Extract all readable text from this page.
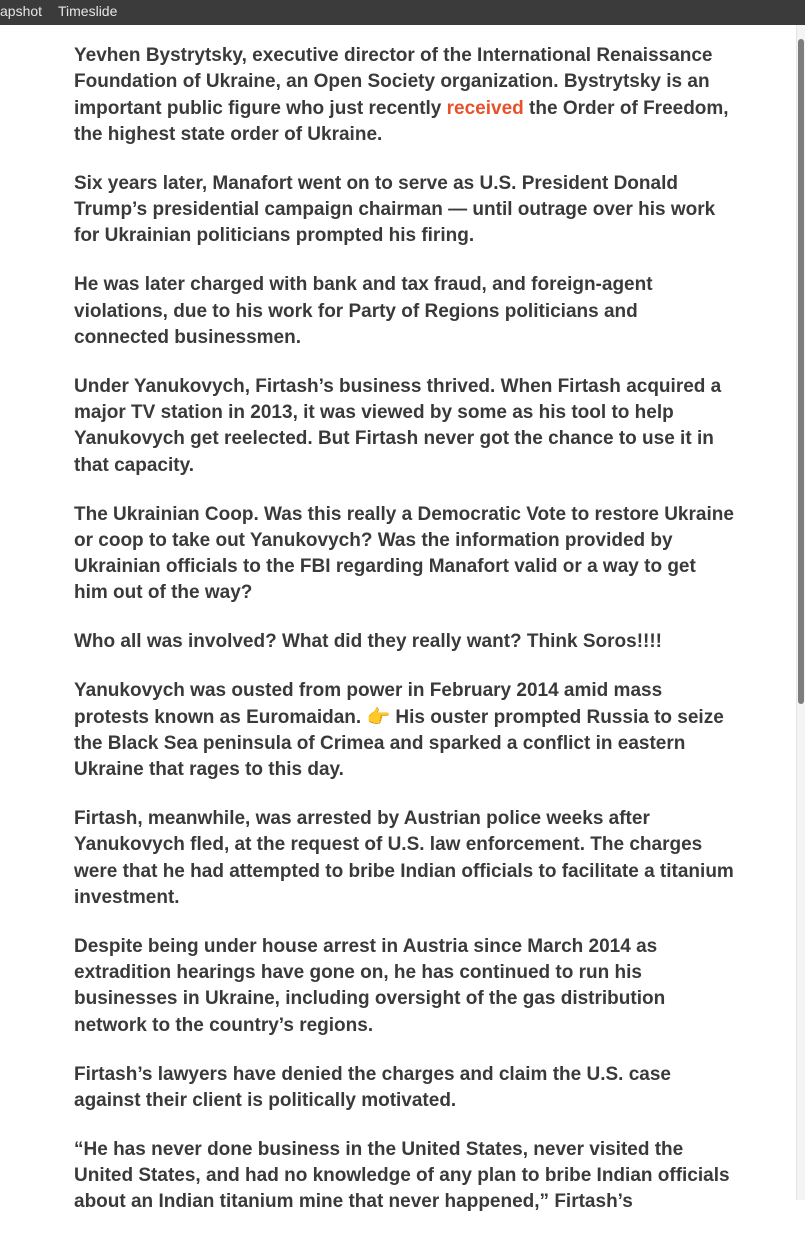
apshot Timeslide

Yevhen Bystrytsky, executive director of the International Renaissance Foundation of Ukraine, an Open Society organization. Bystrytsky is an important public figure who just recently received the Order of Freedom, the highest state order of Ukraine.

Six years later, Manafort went on to serve as U.S. President Donald Trump’s presidential campaign chairman — until outrage over his work for Ukrainian politicians prompted his firing.

He was later charged with bank and tax fraud, and foreign-agent violations, due to his work for Party of Regions politicians and connected businessmen.

Under Yanukovych, Firtash’s business thrived. When Firtash acquired a major TV station in 2013, it was viewed by some as his tool to help Yanukovych get reelected. But Firtash never got the chance to use it in that capacity.

The Ukrainian Coop. Was this really a Democratic Vote to restore Ukraine or coop to take out Yanukovych? Was the information provided by Ukrainian officials to the FBI regarding Manafort valid or a way to get him out of the way?

Who all was involved? What did they really want? Think Soros!!!!

Yanukovych was ousted from power in February 2014 amid mass protests known as Euromaidan. 👉 His ouster prompted Russia to seize the Black Sea peninsula of Crimea and sparked a conflict in eastern Ukraine that rages to this day.

Firtash, meanwhile, was arrested by Austrian police weeks after Yanukovych fled, at the request of U.S. law enforcement. The charges were that he had attempted to bribe Indian officials to facilitate a titanium investment.

Despite being under house arrest in Austria since March 2014 as extradition hearings have gone on, he has continued to run his businesses in Ukraine, including oversight of the gas distribution network to the country’s regions.

Firtash’s lawyers have denied the charges and claim the U.S. case against their client is politically motivated.

“He has never done business in the United States, never visited the United States, and had no knowledge of any plan to bribe Indian officials about an Indian titanium mine that never happened,” Firtash’s
